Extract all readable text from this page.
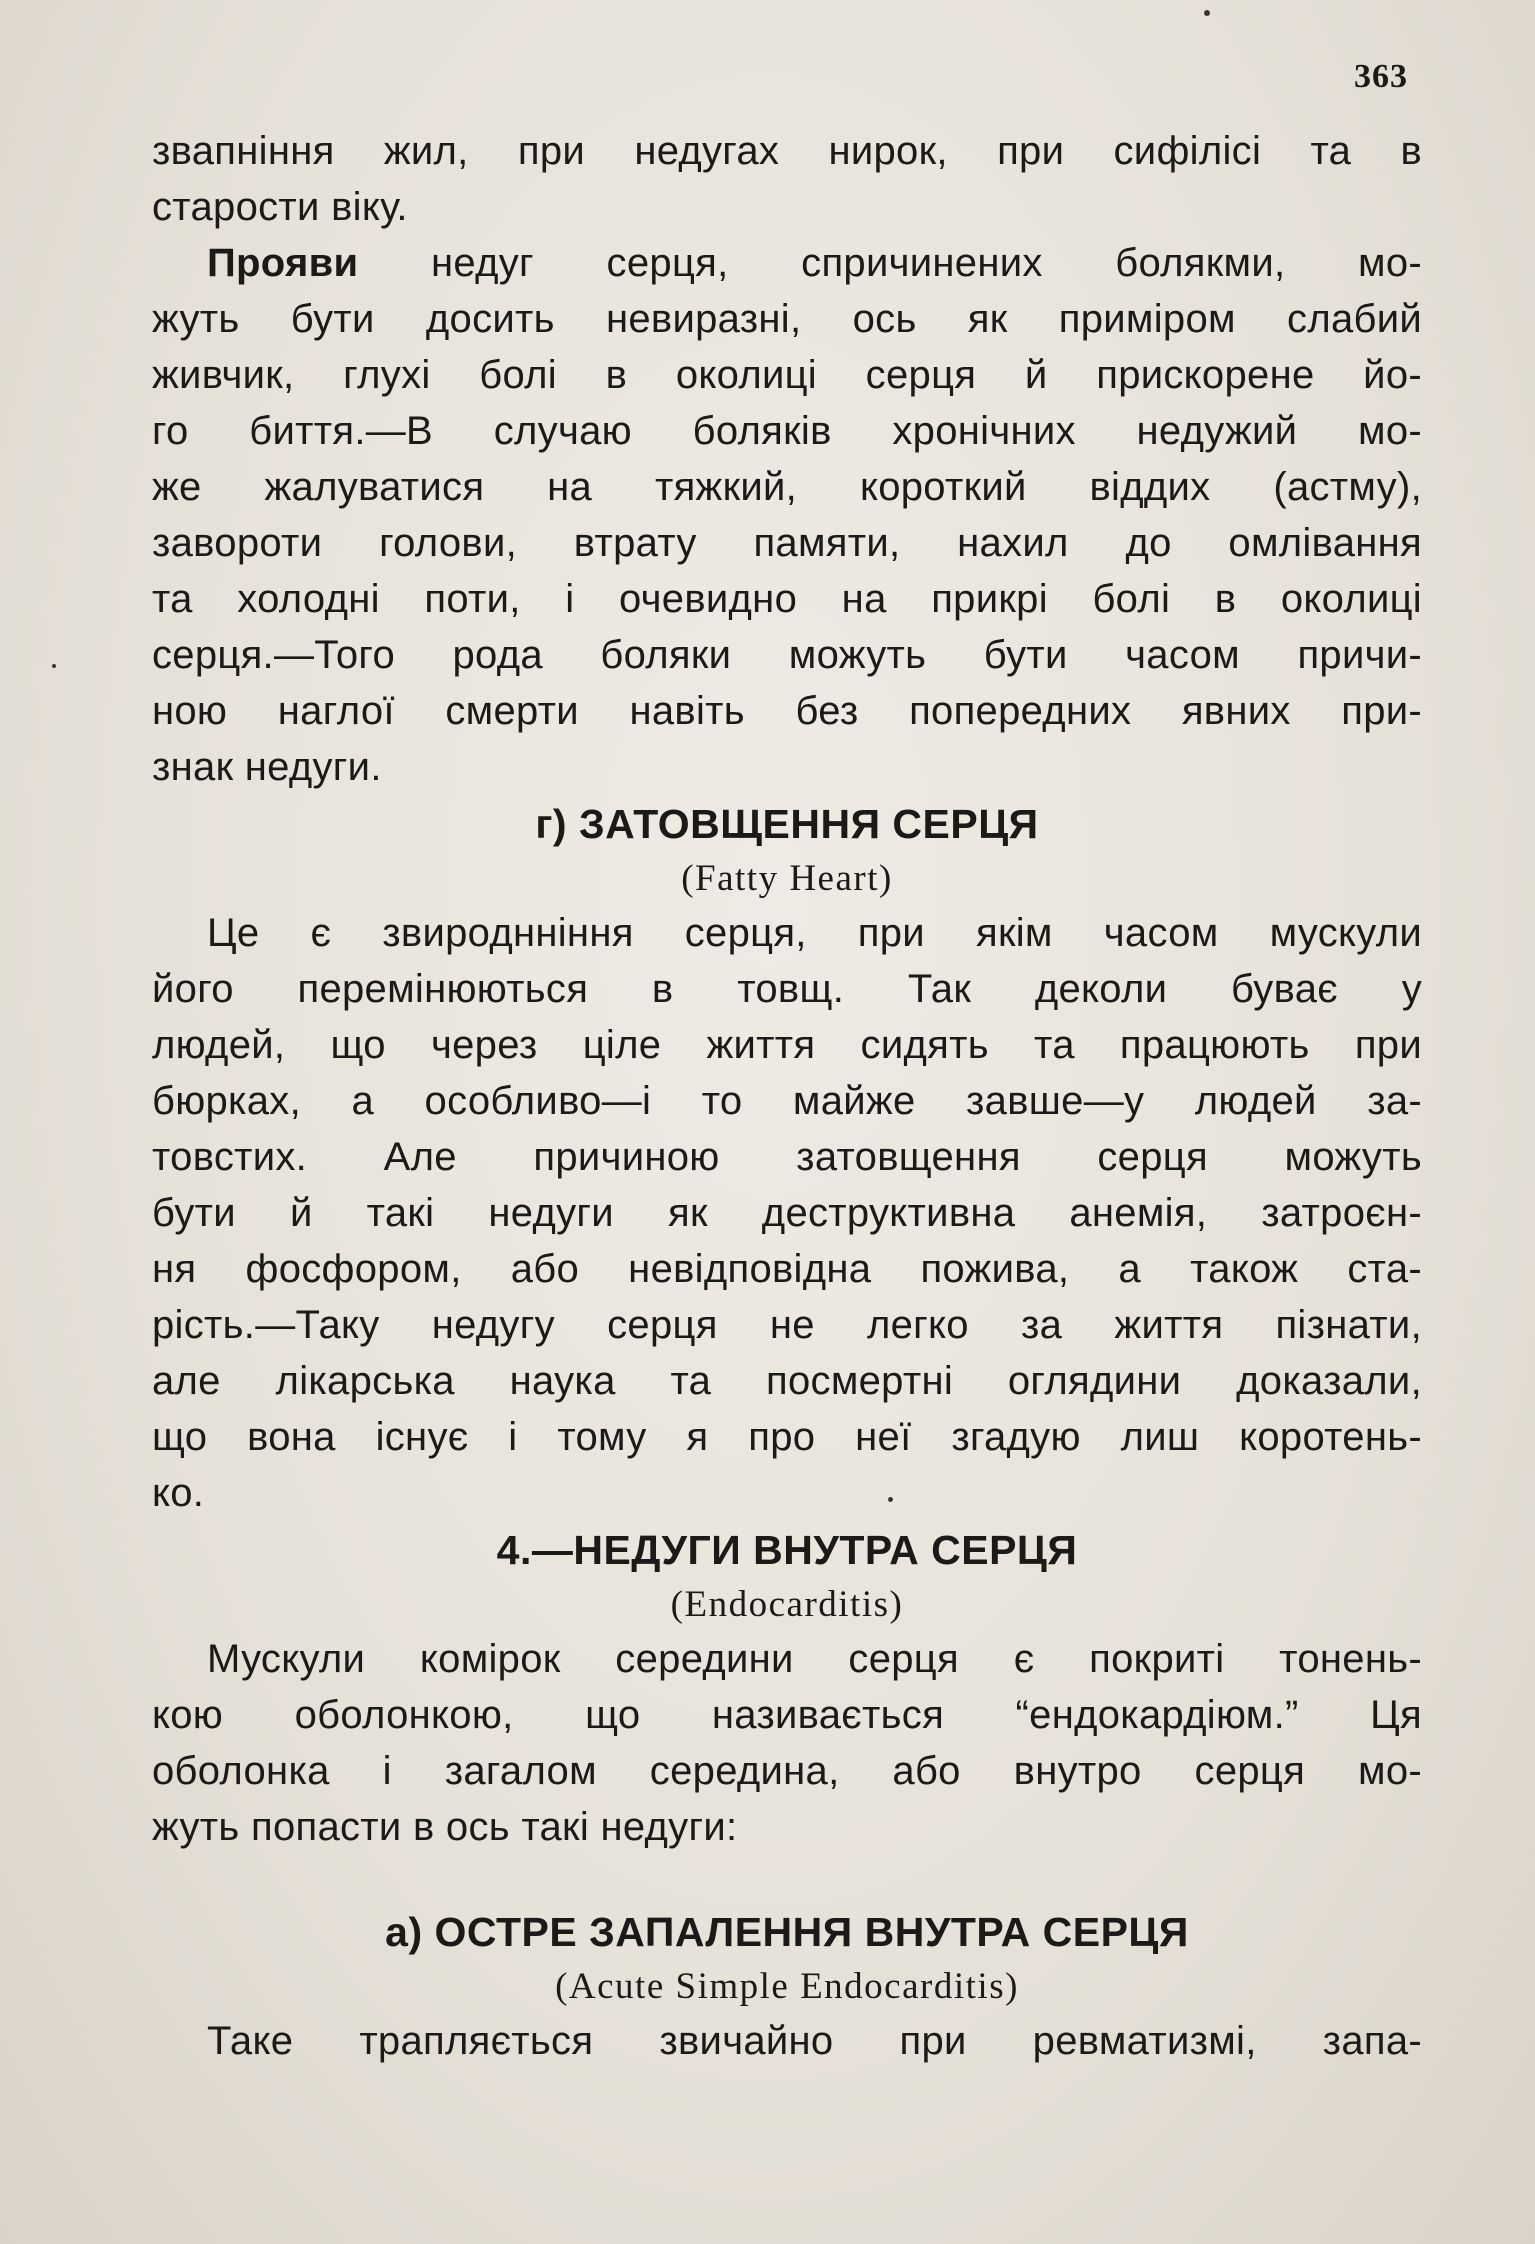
363
звапніння жил, при недугах нирок, при сифілісі та в
старости віку.
Прояви недуг серця, спричинених болякми, мо-
жуть бути досить невиразні, ось як приміром слабий
живчик, глухі болі в околиці серця й прискорене йо-
го биття.—В случаю боляків хронічних недужий мо-
же жалуватися на тяжкий, короткий віддих (астму),
завороти голови, втрату памяти, нахил до омлівання
та холодні поти, і очевидно на прикрі болі в околиці
серця.—Того рода боляки можуть бути часом причи-
ною наглої смерти навіть без попередних явних при-
знак недуги.
г) ЗАТОВЩЕННЯ СЕРЦЯ
(Fatty Heart)
Це є звироднніння серця, при якім часом мускули
його перемінюються в товщ. Так деколи буває у
людей, що через ціле життя сидять та працюють при
бюрках, а особливо—і то майже завше—у людей за-
товстих. Але причиною затовщення серця можуть
бути й такі недуги як деструктивна анемія, затроєн-
ня фосфором, або невідповідна пожива, а також ста-
рість.—Таку недугу серця не легко за життя пізнати,
але лікарська наука та посмертні оглядини доказали,
що вона існує і тому я про неї згадую лиш коротень-
ко.
4.—НЕДУГИ ВНУТРА СЕРЦЯ
(Endocarditis)
Мускули комірок середини серця є покриті тонень-
кою оболонкою, що називається “ендокардіюм.” Ця
оболонка і загалом середина, або внутро серця мо-
жуть попасти в ось такі недуги:
а) ОСТРЕ ЗАПАЛЕННЯ ВНУТРА СЕРЦЯ
(Acute Simple Endocarditis)
Таке трапляється звичайно при ревматизмі, запа-
